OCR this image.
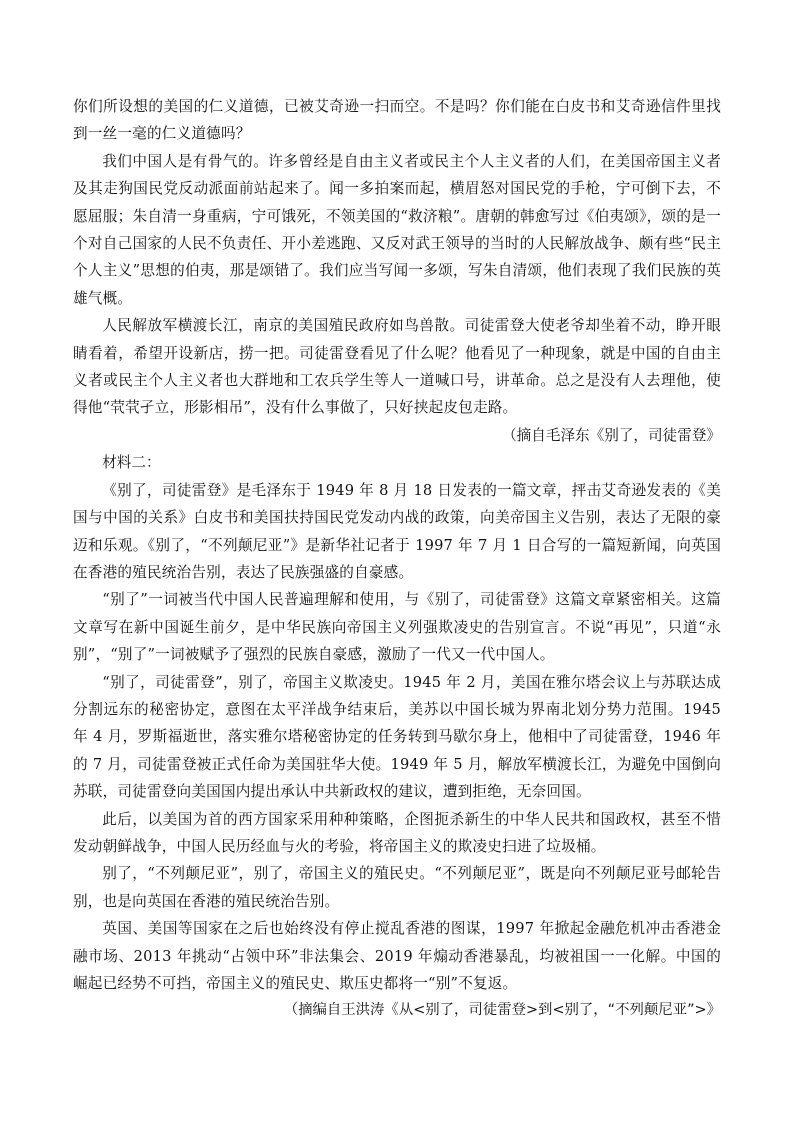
你们所设想的美国的仁义道德，已被艾奇逊一扫而空。不是吗？你们能在白皮书和艾奇逊信件里找到一丝一毫的仁义道德吗？

我们中国人是有骨气的。许多曾经是自由主义者或民主个人主义者的人们，在美国帝国主义者及其走狗国民党反动派面前站起来了。闻一多拍案而起，横眉怒对国民党的手枪，宁可倒下去，不愿屈服；朱自清一身重病，宁可饿死，不领美国的“救济粮”。唐朝的韩愈写过《伯夷颂》，颂的是一个对自己国家的人民不负责任、开小差逃跑、又反对武王领导的当时的人民解放战争、颇有些“民主个人主义”思想的伯夷，那是颂错了。我们应当写闻一多颂，写朱自清颂，他们表现了我们民族的英雄气概。

人民解放军横渡长江，南京的美国殖民政府如鸟兽散。司徒雷登大使老爷却坐着不动，睁开眼睛看着，希望开设新店，捞一把。司徒雷登看见了什么呢？他看见了一种现象，就是中国的自由主义者或民主个人主义者也大群地和工农兵学生等人一道喊口号，讲革命。总之是没有人去理他，使得他“茕茕孑立，形影相吊”，没有什么事做了，只好挟起皮包走路。

（摘自毛泽东《别了，司徒雷登》

材料二：

《别了，司徒雷登》是毛泽东于 1949 年 8 月 18 日发表的一篇文章，抨击艾奇逊发表的《美国与中国的关系》白皮书和美国扶持国民党发动内战的政策，向美帝国主义告别，表达了无限的豪迈和乐观。《别了，“不列颠尼亚”》是新华社记者于 1997 年 7 月 1 日合写的一篇短新闻，向英国在香港的殖民统治告别，表达了民族强盛的自豪感。

“别了”一词被当代中国人民普遍理解和使用，与《别了，司徒雷登》这篇文章紧密相关。这篇文章写在新中国诞生前夕，是中华民族向帝国主义列强欺凌史的告别宣言。不说“再见”，只道“永别”，“别了”一词被赋予了强烈的民族自豪感，激励了一代又一代中国人。

“别了，司徒雷登”，别了，帝国主义欺凌史。1945 年 2 月，美国在雅尔塔会议上与苏联达成分割远东的秘密协定，意图在太平洋战争结束后，美苏以中国长城为界南北划分势力范围。1945 年 4 月，罗斯福逝世，落实雅尔塔秘密协定的任务转到马歇尔身上，他相中了司徒雷登，1946 年的 7 月，司徒雷登被正式任命为美国驻华大使。1949 年 5 月，解放军横渡长江，为避免中国倒向苏联，司徒雷登向美国国内提出承认中共新政权的建议，遭到拒绝，无奈回国。

此后，以美国为首的西方国家采用种种策略，企图扼杀新生的中华人民共和国政权，甚至不惜发动朝鲜战争，中国人民历经血与火的考验，将帝国主义的欺凌史扫进了垃圾桶。

别了，“不列颠尼亚”，别了，帝国主义的殖民史。“不列颠尼亚”，既是向不列颠尼亚号邮轮告别，也是向英国在香港的殖民统治告别。

英国、美国等国家在之后也始终没有停止搅乱香港的图谋，1997 年掀起金融危机冲击香港金融市场、2013 年挑动“占领中环”非法集会、2019 年煽动香港暴乱，均被祖国一一化解。中国的崛起已经势不可挡，帝国主义的殖民史、欺压史都将一“别”不复返。

（摘编自王洪涛《从<别了，司徒雷登>到<别了，“不列颠尼亚”>》
